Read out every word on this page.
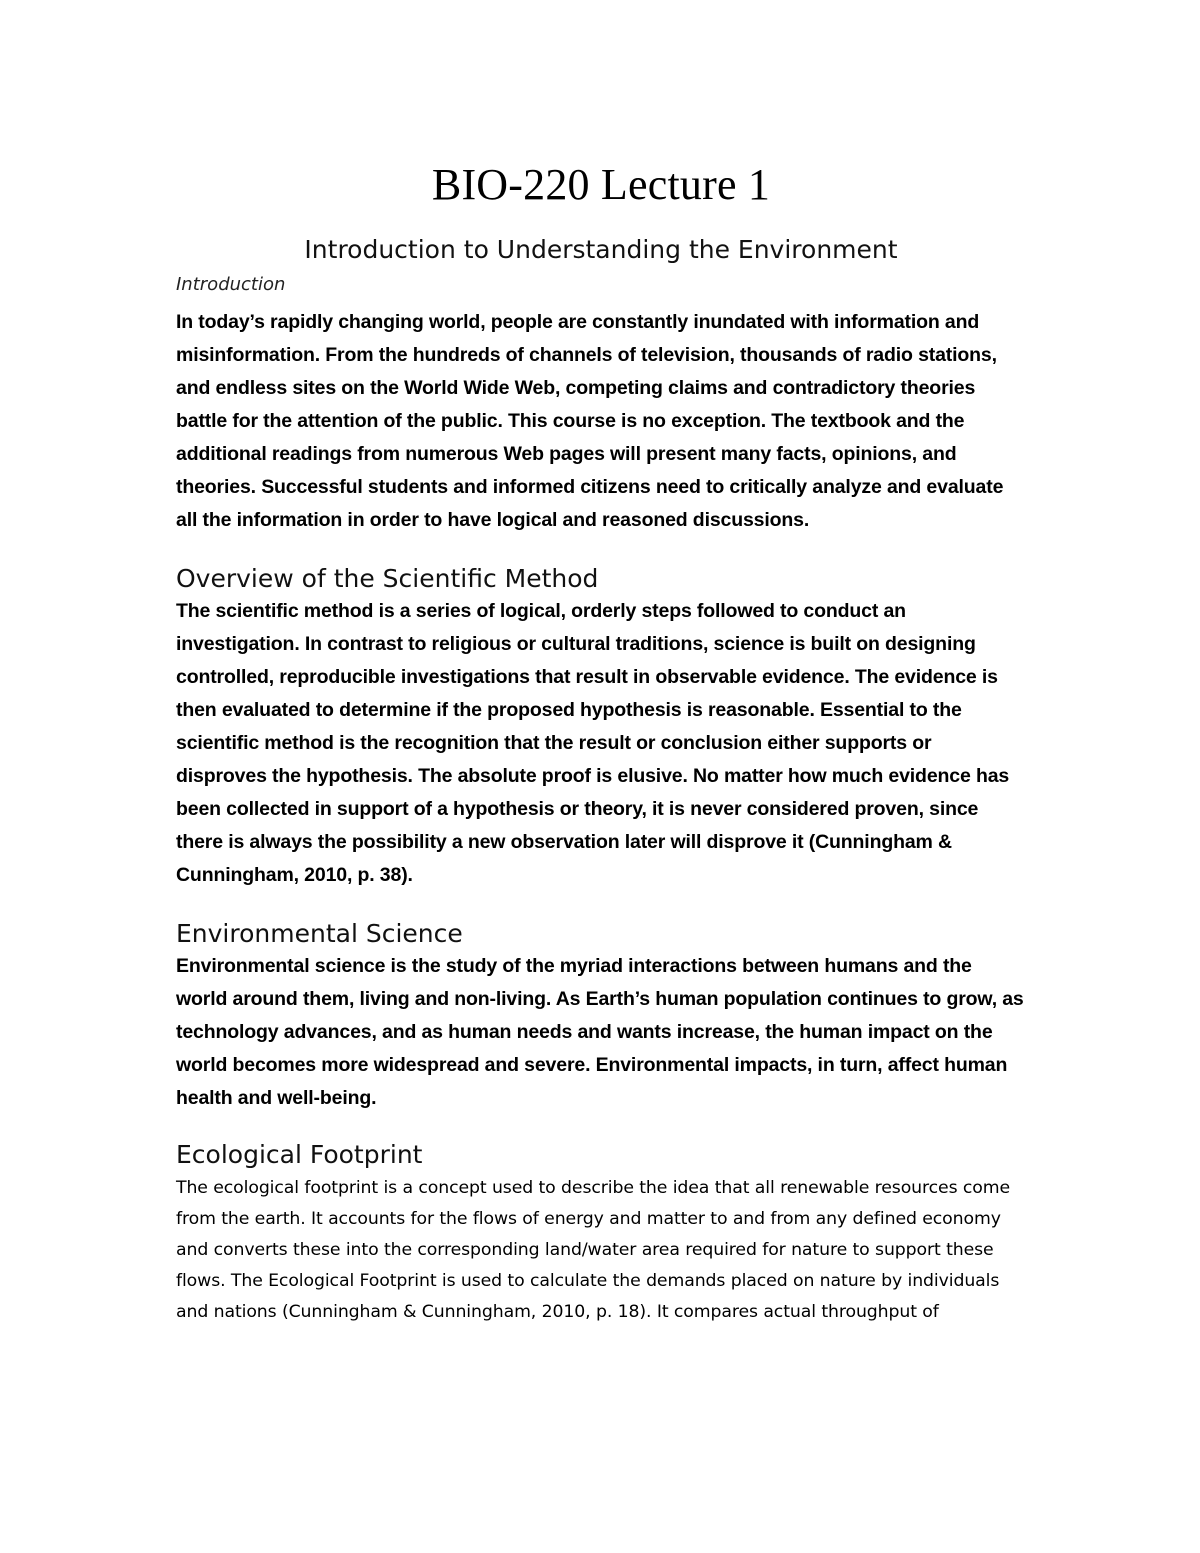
BIO-220 Lecture 1
Introduction to Understanding the Environment
Introduction

In today’s rapidly changing world, people are constantly inundated with information and misinformation. From the hundreds of channels of television, thousands of radio stations, and endless sites on the World Wide Web, competing claims and contradictory theories battle for the attention of the public. This course is no exception. The textbook and the additional readings from numerous Web pages will present many facts, opinions, and theories. Successful students and informed citizens need to critically analyze and evaluate all the information in order to have logical and reasoned discussions.

Overview of the Scientific Method

The scientific method is a series of logical, orderly steps followed to conduct an investigation. In contrast to religious or cultural traditions, science is built on designing controlled, reproducible investigations that result in observable evidence. The evidence is then evaluated to determine if the proposed hypothesis is reasonable. Essential to the scientific method is the recognition that the result or conclusion either supports or disproves the hypothesis. The absolute proof is elusive. No matter how much evidence has been collected in support of a hypothesis or theory, it is never considered proven, since there is always the possibility a new observation later will disprove it (Cunningham & Cunningham, 2010, p. 38).

Environmental Science

Environmental science is the study of the myriad interactions between humans and the world around them, living and non-living. As Earth’s human population continues to grow, as technology advances, and as human needs and wants increase, the human impact on the world becomes more widespread and severe. Environmental impacts, in turn, affect human health and well-being.

Ecological Footprint

The ecological footprint is a concept used to describe the idea that all renewable resources come from the earth. It accounts for the flows of energy and matter to and from any defined economy and converts these into the corresponding land/water area required for nature to support these flows. The Ecological Footprint is used to calculate the demands placed on nature by individuals and nations (Cunningham & Cunningham, 2010, p. 18). It compares actual throughput of
